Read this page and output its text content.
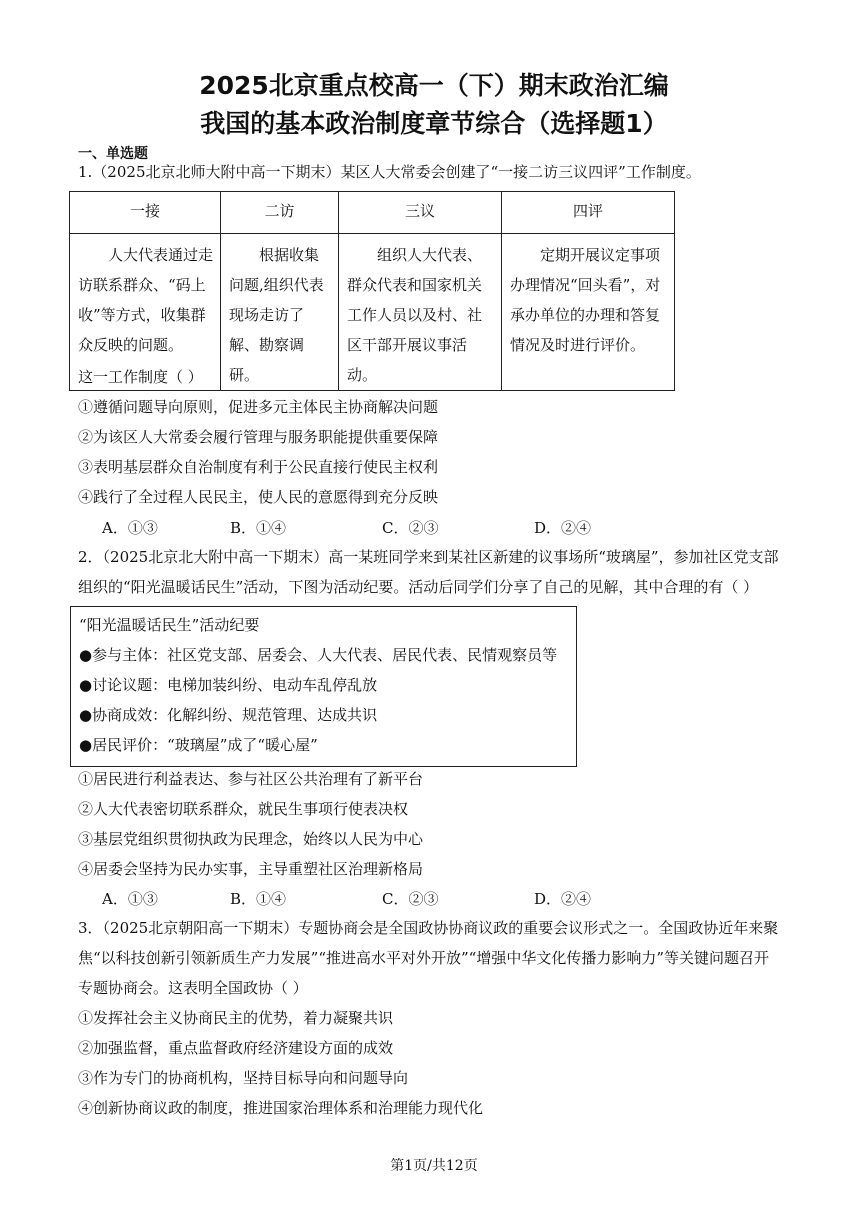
2025北京重点校高一（下）期末政治汇编
我国的基本政治制度章节综合（选择题1）
一、单选题
1.（2025北京北师大附中高一下期末）某区人大常委会创建了“一接二访三议四评”工作制度。
一接	二访	三议	四评
人大代表通过走访联系群众、“码上收”等方式，收集群众反映的问题。	根据收集问题,组织代表现场走访了解、勘察调研。	组织人大代表、群众代表和国家机关工作人员以及村、社区干部开展议事活动。	定期开展议定事项办理情况“回头看”，对承办单位的办理和答复情况及时进行评价。
这一工作制度（ ）
①遵循问题导向原则，促进多元主体民主协商解决问题
②为该区人大常委会履行管理与服务职能提供重要保障
③表明基层群众自治制度有利于公民直接行使民主权利
④践行了全过程人民民主，使人民的意愿得到充分反映
A．①③	B．①④	C．②③	D．②④
2．（2025北京北大附中高一下期末）高一某班同学来到某社区新建的议事场所“玻璃屋”，参加社区党支部
组织的“阳光温暖话民生”活动，下图为活动纪要。活动后同学们分享了自己的见解，其中合理的有（ ）
“阳光温暖话民生”活动纪要
●参与主体：社区党支部、居委会、人大代表、居民代表、民情观察员等
●讨论议题：电梯加装纠纷、电动车乱停乱放
●协商成效：化解纠纷、规范管理、达成共识
●居民评价：“玻璃屋”成了“暖心屋”
①居民进行利益表达、参与社区公共治理有了新平台
②人大代表密切联系群众，就民生事项行使表决权
③基层党组织贯彻执政为民理念，始终以人民为中心
④居委会坚持为民办实事，主导重塑社区治理新格局
A．①③	B．①④	C．②③	D．②④
3．（2025北京朝阳高一下期末）专题协商会是全国政协协商议政的重要会议形式之一。全国政协近年来聚
焦“以科技创新引领新质生产力发展”“推进高水平对外开放”“增强中华文化传播力影响力”等关键问题召开
专题协商会。这表明全国政协（ ）
①发挥社会主义协商民主的优势，着力凝聚共识
②加强监督，重点监督政府经济建设方面的成效
③作为专门的协商机构，坚持目标导向和问题导向
④创新协商议政的制度，推进国家治理体系和治理能力现代化
第1页/共12页
